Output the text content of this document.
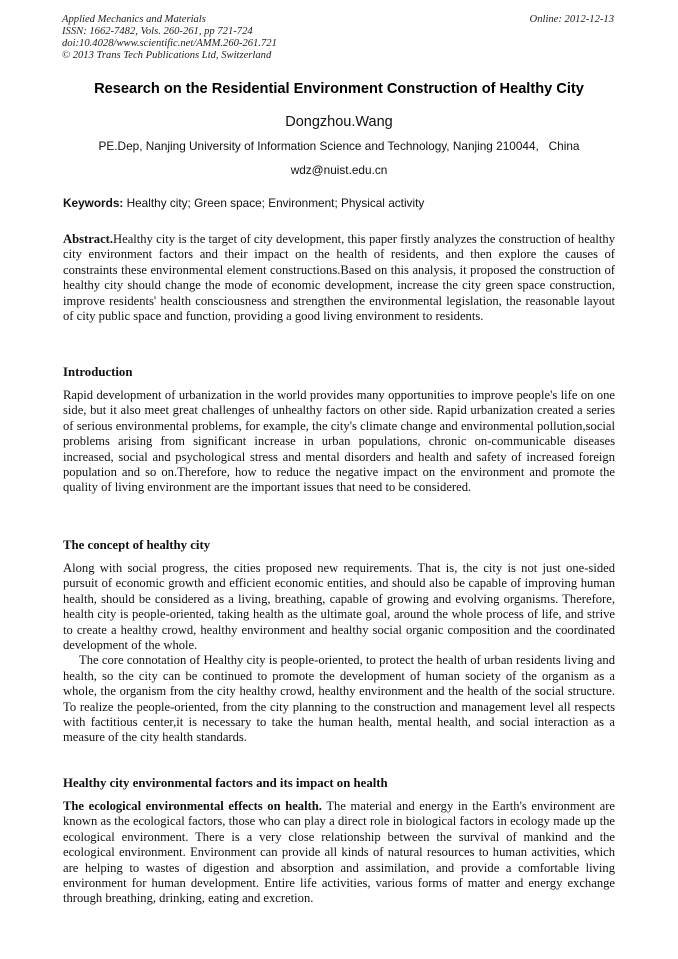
Applied Mechanics and Materials
ISSN: 1662-7482, Vols. 260-261, pp 721-724
doi:10.4028/www.scientific.net/AMM.260-261.721
© 2013 Trans Tech Publications Ltd, Switzerland
Online: 2012-12-13
Research on the Residential Environment Construction of Healthy City
Dongzhou.Wang
PE.Dep, Nanjing University of Information Science and Technology, Nanjing 210044,   China
wdz@nuist.edu.cn
Keywords: Healthy city; Green space; Environment; Physical activity

Abstract.Healthy city is the target of city development, this paper firstly analyzes the construction of healthy city environment factors and their impact on the health of residents, and then explore the causes of constraints these environmental element constructions.Based on this analysis, it proposed the construction of healthy city should change the mode of economic development, increase the city green space construction, improve residents' health consciousness and strengthen the environmental legislation, the reasonable layout of city public space and function, providing a good living environment to residents.

Introduction

Rapid development of urbanization in the world provides many opportunities to improve people's life on one side, but it also meet great challenges of unhealthy factors on other side. Rapid urbanization created a series of serious environmental problems, for example, the city's climate change and environmental pollution,social problems arising from significant increase in urban populations, chronic on-communicable diseases increased, social and psychological stress and mental disorders and health and safety of increased foreign population and so on.Therefore, how to reduce the negative impact on the environment and promote the quality of living environment are the important issues that need to be considered.

The concept of healthy city

Along with social progress, the cities proposed new requirements. That is, the city is not just one-sided pursuit of economic growth and efficient economic entities, and should also be capable of improving human health, should be considered as a living, breathing, capable of growing and evolving organisms. Therefore, health city is people-oriented, taking health as the ultimate goal, around the whole process of life, and strive to create a healthy crowd, healthy environment and healthy social organic composition and the coordinated development of the whole.

The core connotation of Healthy city is people-oriented, to protect the health of urban residents living and health, so the city can be continued to promote the development of human society of the organism as a whole, the organism from the city healthy crowd, healthy environment and the health of the social structure. To realize the people-oriented, from the city planning to the construction and management level all respects with factitious center,it is necessary to take the human health, mental health, and social interaction as a measure of the city health standards.

Healthy city environmental factors and its impact on health

The ecological environmental effects on health. The material and energy in the Earth's environment are known as the ecological factors, those who can play a direct role in biological factors in ecology made up the ecological environment. There is a very close relationship between the survival of mankind and the ecological environment. Environment can provide all kinds of natural resources to human activities, which are helping to wastes of digestion and absorption and assimilation, and provide a comfortable living environment for human development. Entire life activities, various forms of matter and energy exchange through breathing, drinking, eating and excretion.
